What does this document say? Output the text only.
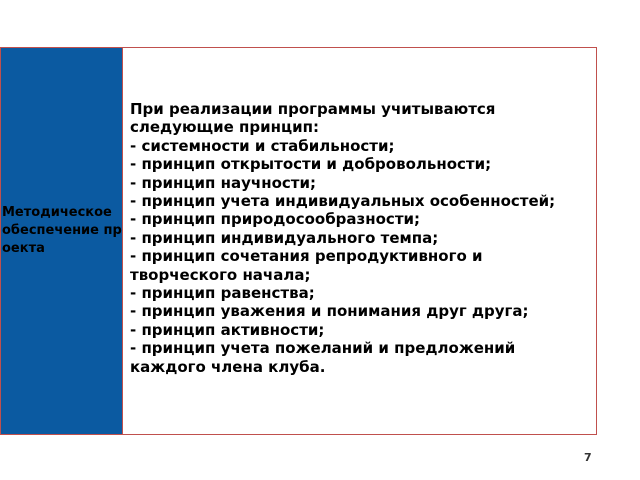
Методическое обеспечение проекта
При реализации программы учитываются следующие принцип:
- системности и стабильности;
- принцип открытости и добровольности;
- принцип научности;
- принцип учета индивидуальных особенностей;
- принцип природосообразности;
- принцип индивидуального темпа;
- принцип сочетания репродуктивного и творческого начала;
- принцип равенства;
- принцип уважения и понимания друг друга;
- принцип активности;
- принцип учета пожеланий и предложений каждого члена клуба.
7
